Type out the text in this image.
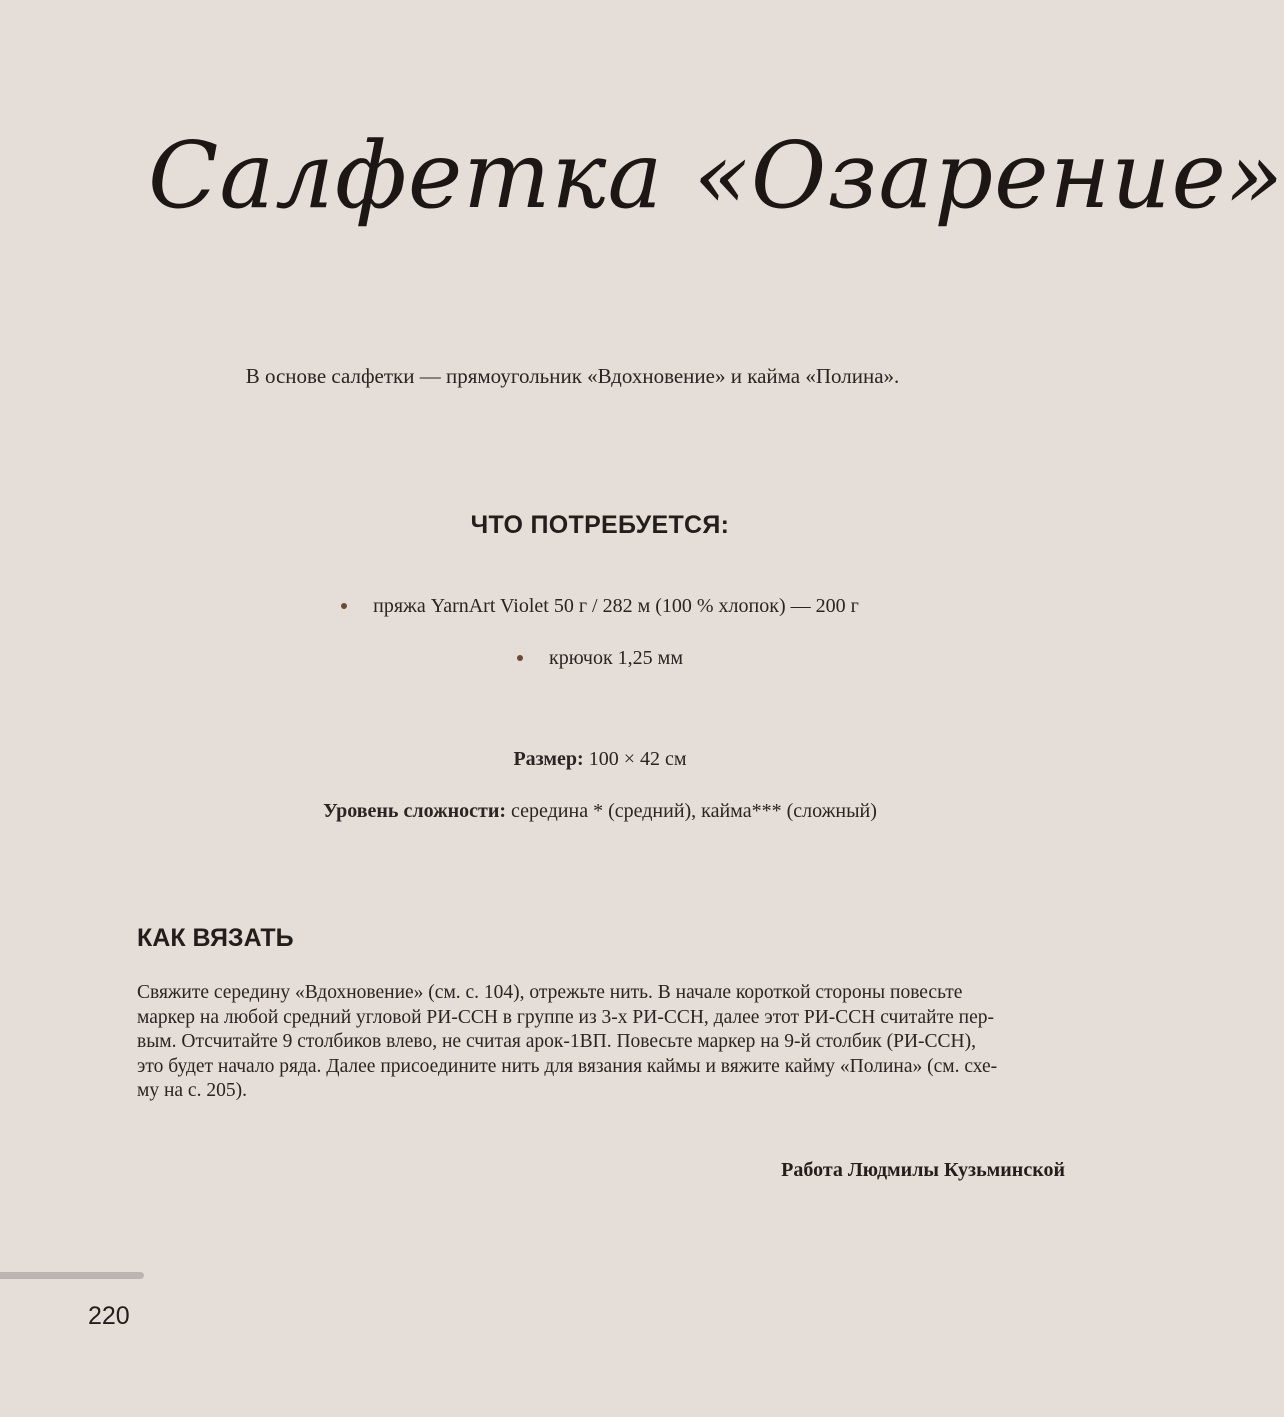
Салфетка «Озарение»

В основе салфетки — прямоугольник «Вдохновение» и кайма «Полина».

ЧТО ПОТРЕБУЕТСЯ:
пряжа YarnArt Violet 50 г / 282 м (100 % хлопок) — 200 г
крючок 1,25 мм

Размер: 100 × 42 см

Уровень сложности: середина * (средний), кайма*** (сложный)

КАК ВЯЗАТЬ
Свяжите середину «Вдохновение» (см. с. 104), отрежьте нить. В начале короткой стороны повесьте
маркер на любой средний угловой РИ-ССН в группе из 3-х РИ-ССН, далее этот РИ-ССН считайте пер-
вым. Отсчитайте 9 столбиков влево, не считая арок-1ВП. Повесьте маркер на 9-й столбик (РИ-ССН),
это будет начало ряда. Далее присоедините нить для вязания каймы и вяжите кайму «Полина» (см. схе-
му на с. 205).

Работа Людмилы Кузьминской

220
